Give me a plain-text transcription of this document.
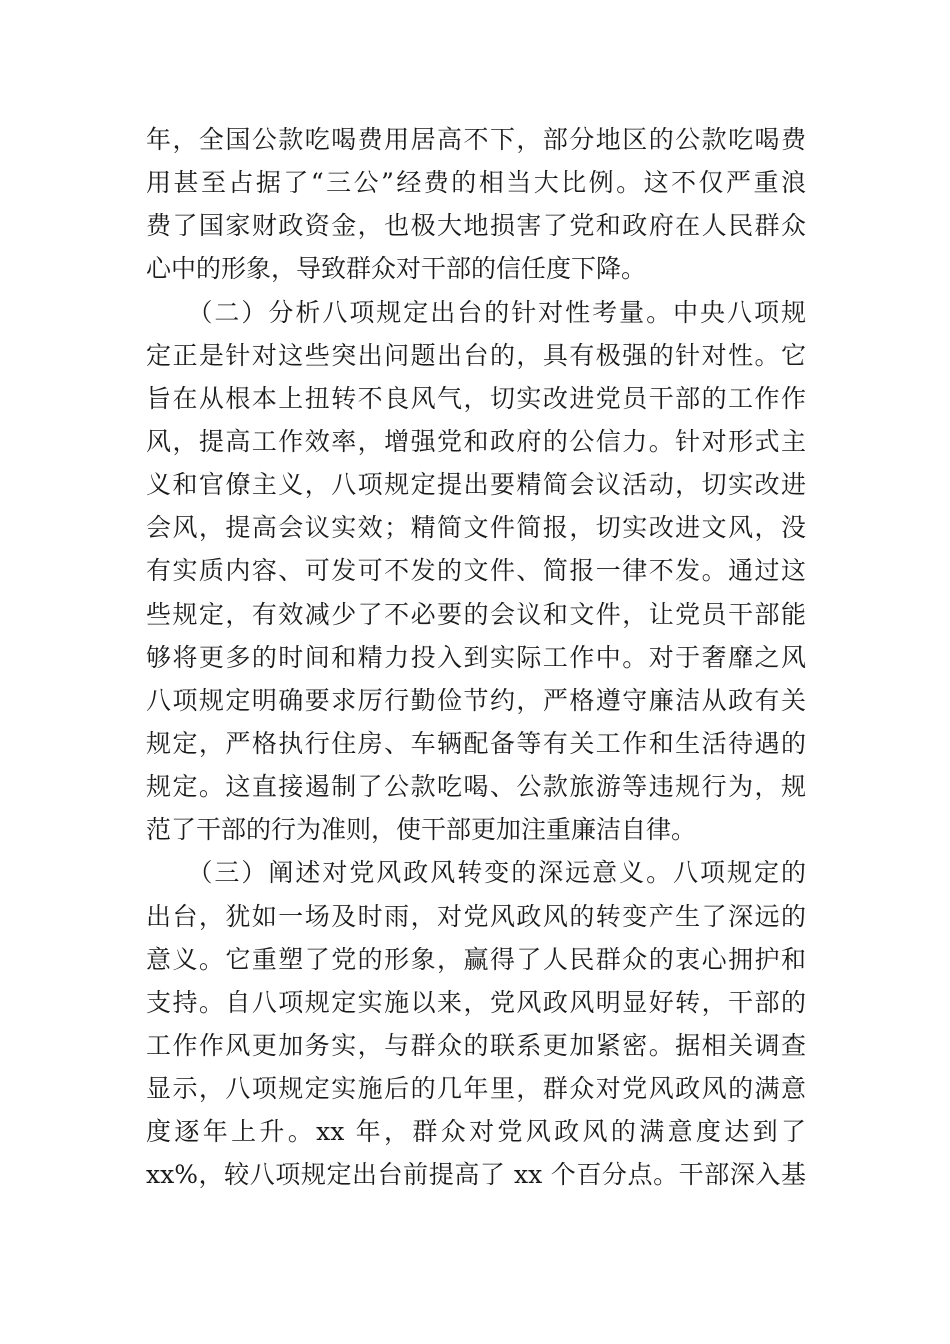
年，全国公款吃喝费用居高不下，部分地区的公款吃喝费
用甚至占据了“三公”经费的相当大比例。这不仅严重浪
费了国家财政资金，也极大地损害了党和政府在人民群众
心中的形象，导致群众对干部的信任度下降。
　　（二）分析八项规定出台的针对性考量。中央八项规
定正是针对这些突出问题出台的，具有极强的针对性。它
旨在从根本上扭转不良风气，切实改进党员干部的工作作
风，提高工作效率，增强党和政府的公信力。针对形式主
义和官僚主义，八项规定提出要精简会议活动，切实改进
会风，提高会议实效；精简文件简报，切实改进文风，没
有实质内容、可发可不发的文件、简报一律不发。通过这
些规定，有效减少了不必要的会议和文件，让党员干部能
够将更多的时间和精力投入到实际工作中。对于奢靡之风
八项规定明确要求厉行勤俭节约，严格遵守廉洁从政有关
规定，严格执行住房、车辆配备等有关工作和生活待遇的
规定。这直接遏制了公款吃喝、公款旅游等违规行为，规
范了干部的行为准则，使干部更加注重廉洁自律。
　　（三）阐述对党风政风转变的深远意义。八项规定的
出台，犹如一场及时雨，对党风政风的转变产生了深远的
意义。它重塑了党的形象，赢得了人民群众的衷心拥护和
支持。自八项规定实施以来，党风政风明显好转，干部的
工作作风更加务实，与群众的联系更加紧密。据相关调查
显示，八项规定实施后的几年里，群众对党风政风的满意
度逐年上升。xx 年，群众对党风政风的满意度达到了
xx%，较八项规定出台前提高了 xx 个百分点。干部深入基
